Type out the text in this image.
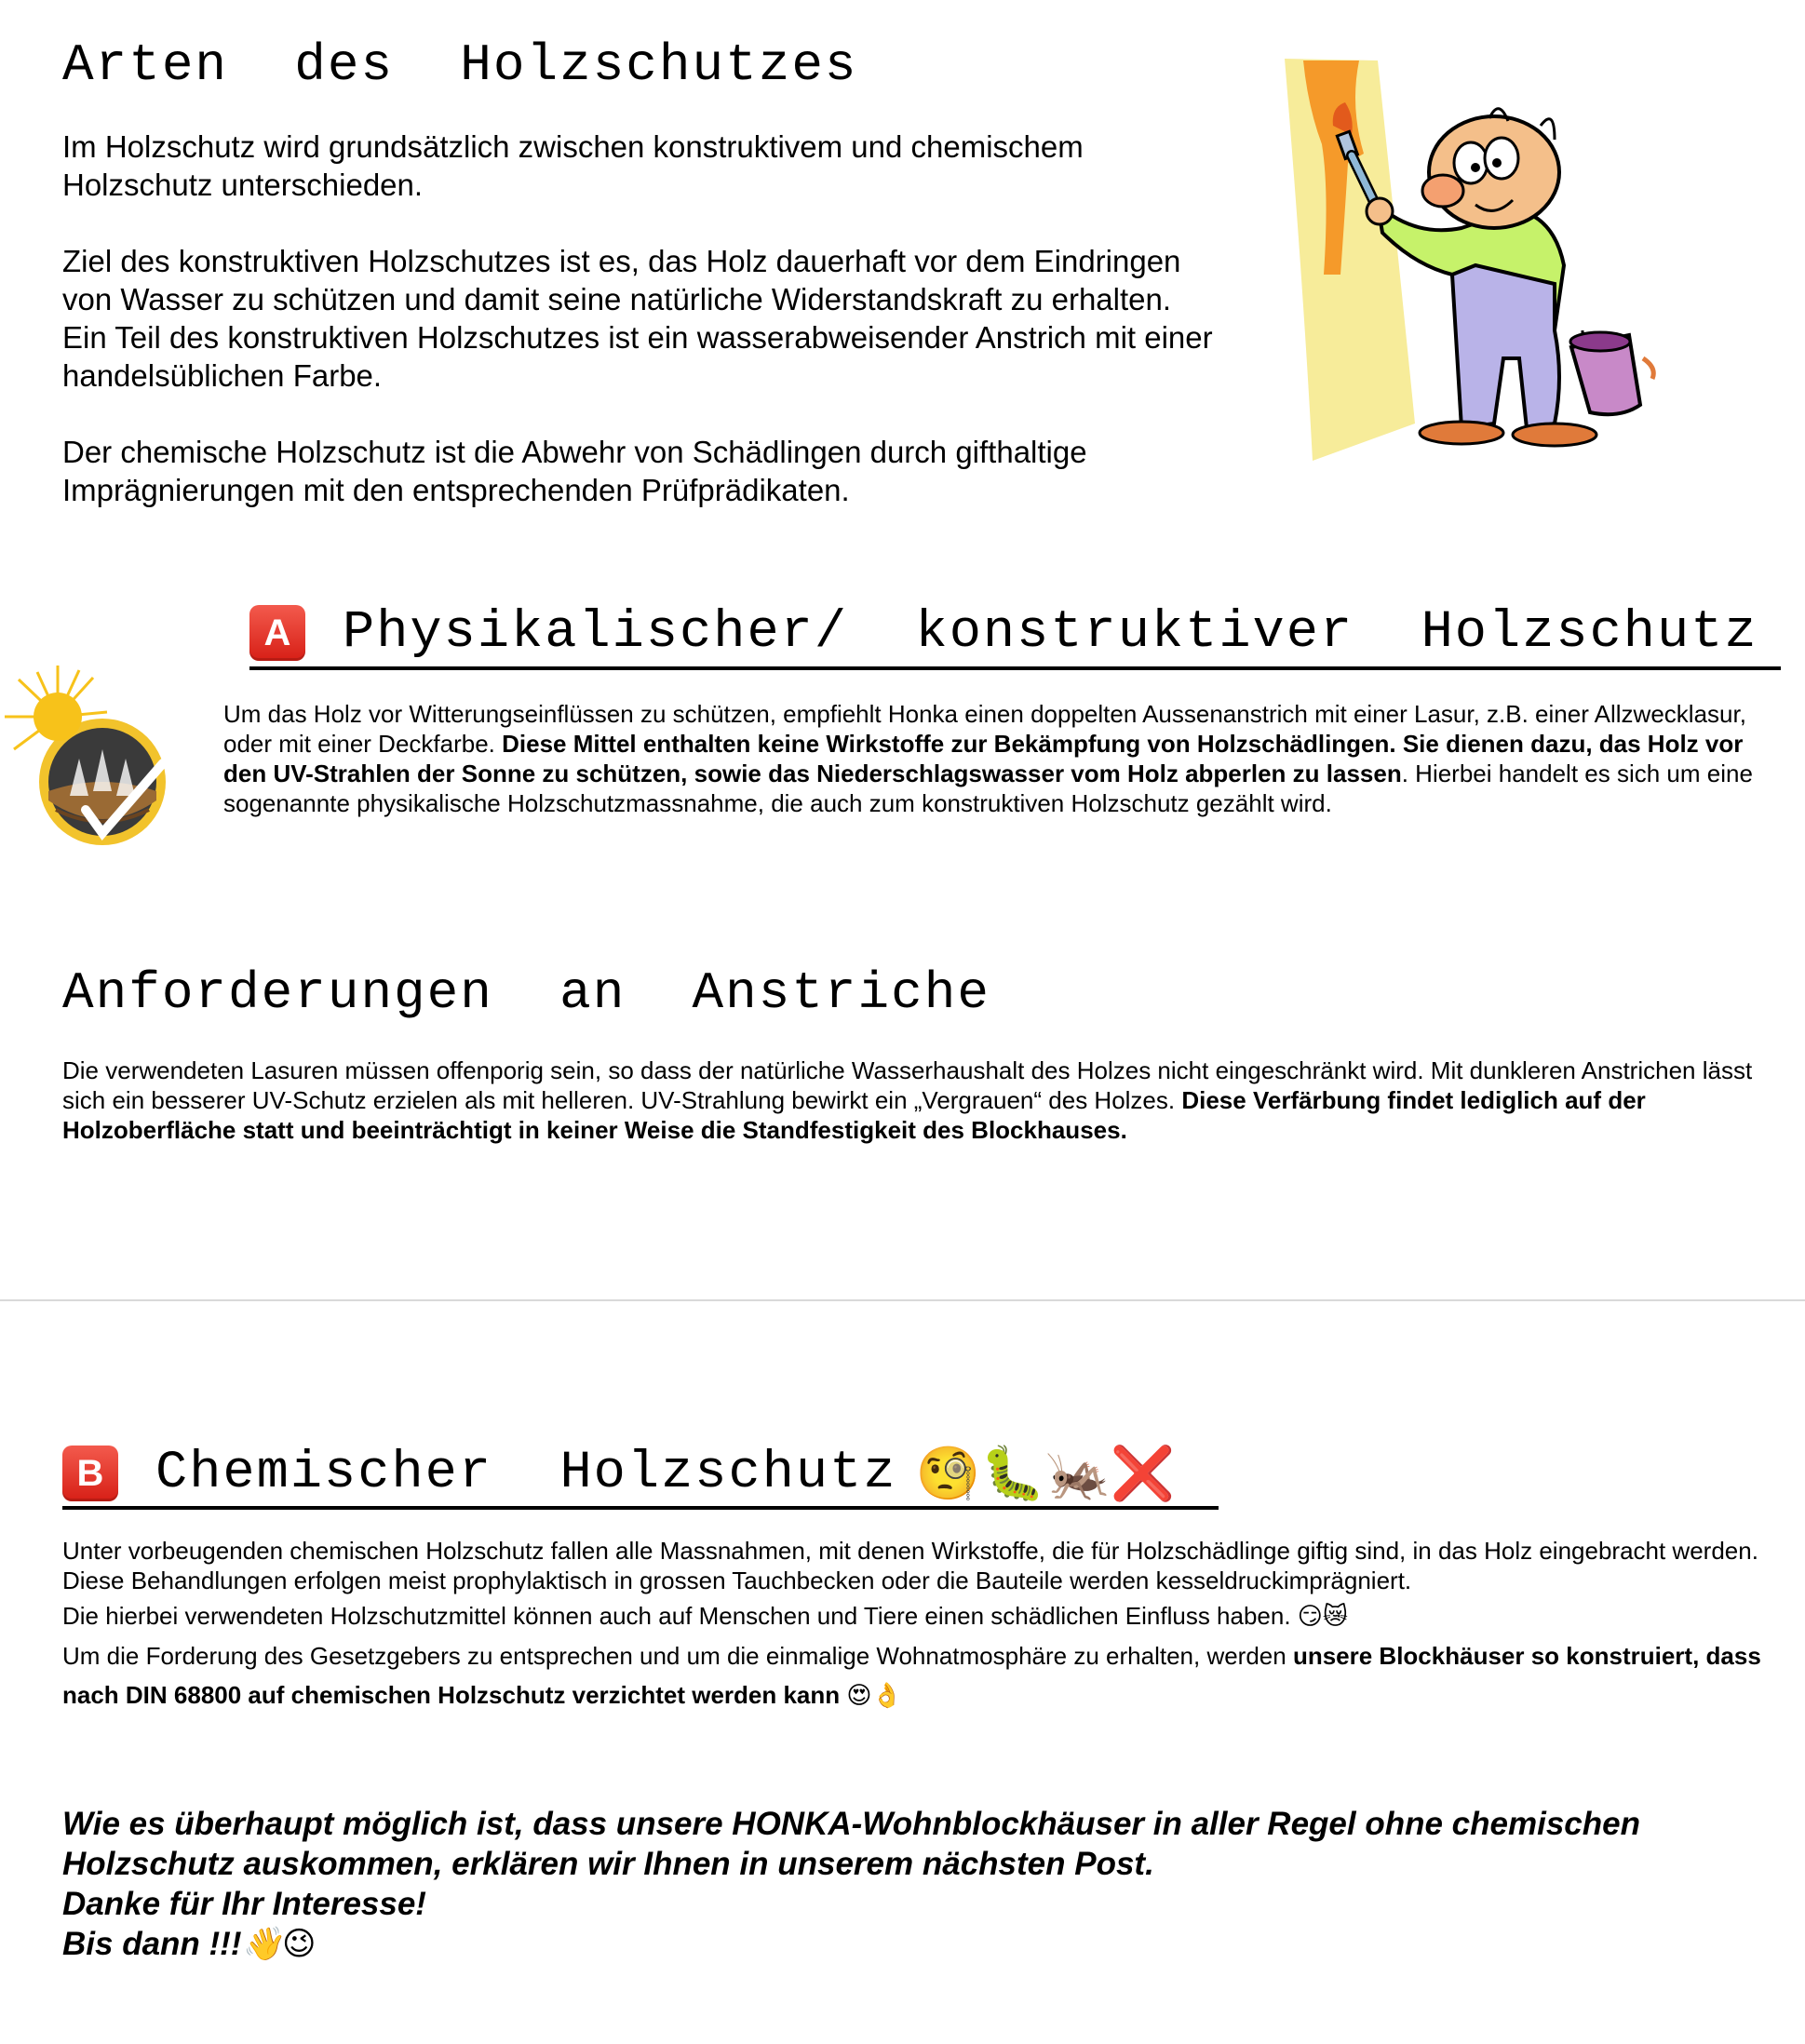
Arten  des  Holzschutzes

Im Holzschutz wird grundsätzlich zwischen konstruktivem und chemischem Holzschutz unterschieden.

Ziel des konstruktiven Holzschutzes ist es, das Holz dauerhaft vor dem Eindringen von Wasser zu schützen und damit seine natürliche Widerstandskraft zu erhalten. Ein Teil des konstruktiven Holzschutzes ist ein wasserabweisender Anstrich mit einer handelsüblichen Farbe.

Der chemische Holzschutz ist die Abwehr von Schädlingen durch gifthaltige Imprägnierungen mit den entsprechenden Prüfprädikaten.

A Physikalischer/  konstruktiver  Holzschutz

Um das Holz vor Witterungseinflüssen zu schützen, empfiehlt Honka einen doppelten Aussenanstrich mit einer Lasur, z.B. einer Allzwecklasur, oder mit einer Deckfarbe. Diese Mittel enthalten keine Wirkstoffe zur Bekämpfung von Holzschädlingen. Sie dienen dazu, das Holz vor den UV-Strahlen der Sonne zu schützen, sowie das Niederschlagswasser vom Holz abperlen zu lassen. Hierbei handelt es sich um eine sogenannte physikalische Holzschutzmassnahme, die auch zum konstruktiven Holzschutz gezählt wird.

Anforderungen  an  Anstriche

Die verwendeten Lasuren müssen offenporig sein, so dass der natürliche Wasserhaushalt des Holzes nicht eingeschränkt wird. Mit dunkleren Anstrichen lässt sich ein besserer UV-Schutz erzielen als mit helleren. UV-Strahlung bewirkt ein „Vergrauen“ des Holzes. Diese Verfärbung findet lediglich auf der Holzoberfläche statt und beeinträchtigt in keiner Weise die Standfestigkeit des Blockhauses.

B Chemischer  Holzschutz 🧐🐛🦗❌

Unter vorbeugenden chemischen Holzschutz fallen alle Massnahmen, mit denen Wirkstoffe, die für Holzschädlinge giftig sind, in das Holz eingebracht werden. Diese Behandlungen erfolgen meist prophylaktisch in grossen Tauchbecken oder die Bauteile werden kesseldruckimprägniert.

Die hierbei verwendeten Holzschutzmittel können auch auf Menschen und Tiere einen schädlichen Einfluss haben. 😏😿

Um die Forderung des Gesetzgebers zu entsprechen und um die einmalige Wohnatmosphäre zu erhalten, werden unsere Blockhäuser so konstruiert, dass nach DIN 68800 auf chemischen Holzschutz verzichtet werden kann 😍👌

Wie es überhaupt möglich ist, dass unsere HONKA-Wohnblockhäuser in aller Regel ohne chemischen Holzschutz auskommen, erklären wir Ihnen in unserem nächsten Post.

Danke für Ihr Interesse!

Bis dann !!!👋😉
